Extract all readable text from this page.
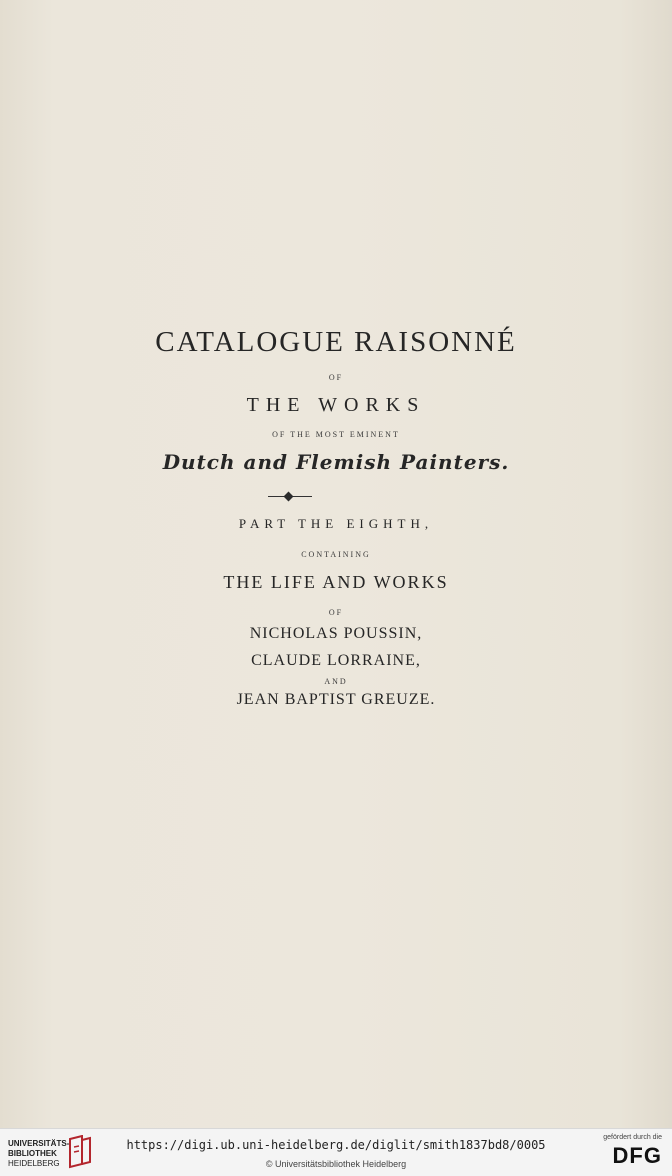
CATALOGUE RAISONNÉ
OF
THE WORKS
OF THE MOST EMINENT
Dutch and Flemish Painters.
PART THE EIGHTH,
CONTAINING
THE LIFE AND WORKS
OF
NICHOLAS POUSSIN,
CLAUDE LORRAINE,
AND
JEAN BAPTIST GREUZE.
UNIVERSITÄTS-
BIBLIOTHEK
HEIDELBERG
https://digi.ub.uni-heidelberg.de/diglit/smith1837bd8/0005
© Universitätsbibliothek Heidelberg
gefördert durch die
DFG
